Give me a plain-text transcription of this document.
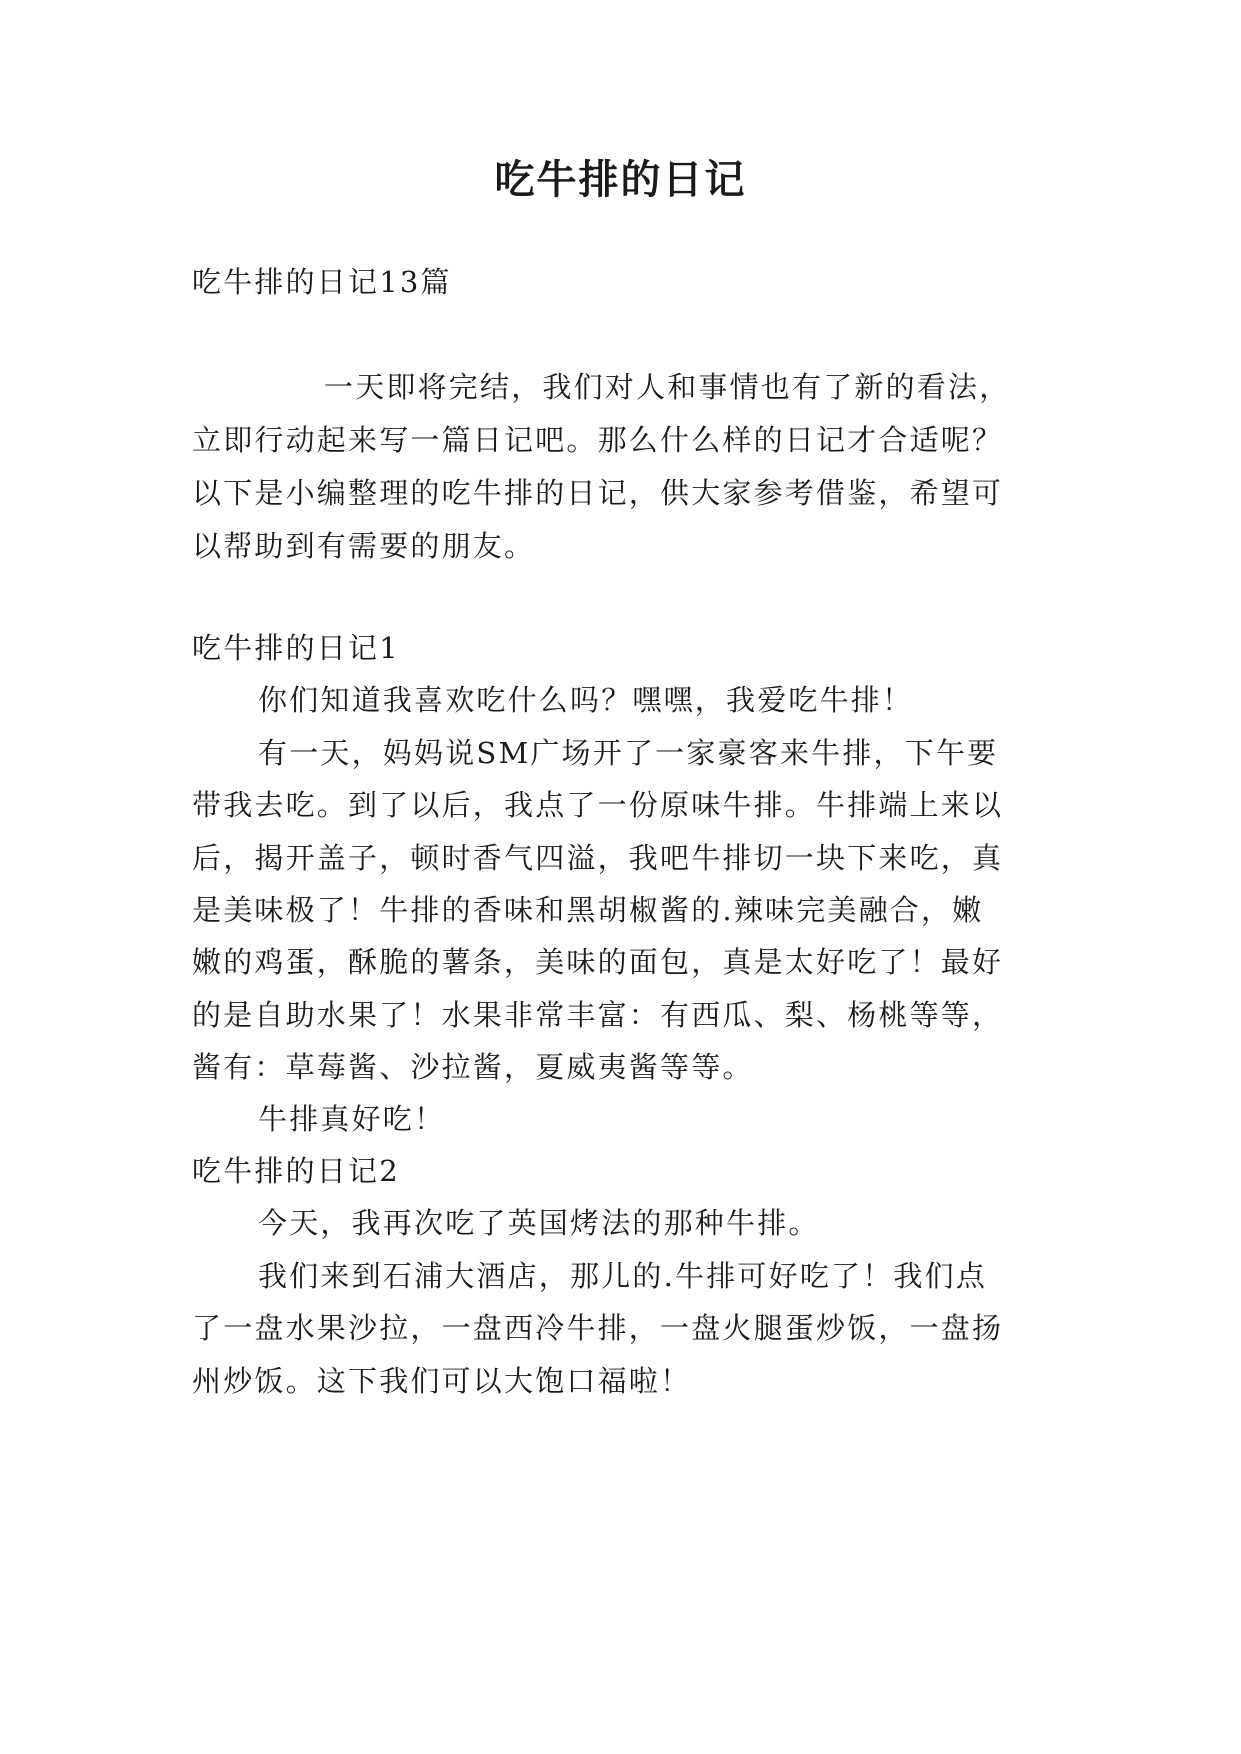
吃牛排的日记
吃牛排的日记13篇
一天即将完结，我们对人和事情也有了新的看法，
立即行动起来写一篇日记吧。那么什么样的日记才合适呢？
以下是小编整理的吃牛排的日记，供大家参考借鉴，希望可
以帮助到有需要的朋友。
吃牛排的日记1
你们知道我喜欢吃什么吗？嘿嘿，我爱吃牛排！
有一天，妈妈说SM广场开了一家豪客来牛排，下午要
带我去吃。到了以后，我点了一份原味牛排。牛排端上来以
后，揭开盖子，顿时香气四溢，我吧牛排切一块下来吃，真
是美味极了！牛排的香味和黑胡椒酱的.辣味完美融合，嫩
嫩的鸡蛋，酥脆的薯条，美味的面包，真是太好吃了！最好
的是自助水果了！水果非常丰富：有西瓜、梨、杨桃等等，
酱有：草莓酱、沙拉酱，夏威夷酱等等。
牛排真好吃！
吃牛排的日记2
今天，我再次吃了英国烤法的那种牛排。
我们来到石浦大酒店，那儿的.牛排可好吃了！我们点
了一盘水果沙拉，一盘西冷牛排，一盘火腿蛋炒饭，一盘扬
州炒饭。这下我们可以大饱口福啦！
